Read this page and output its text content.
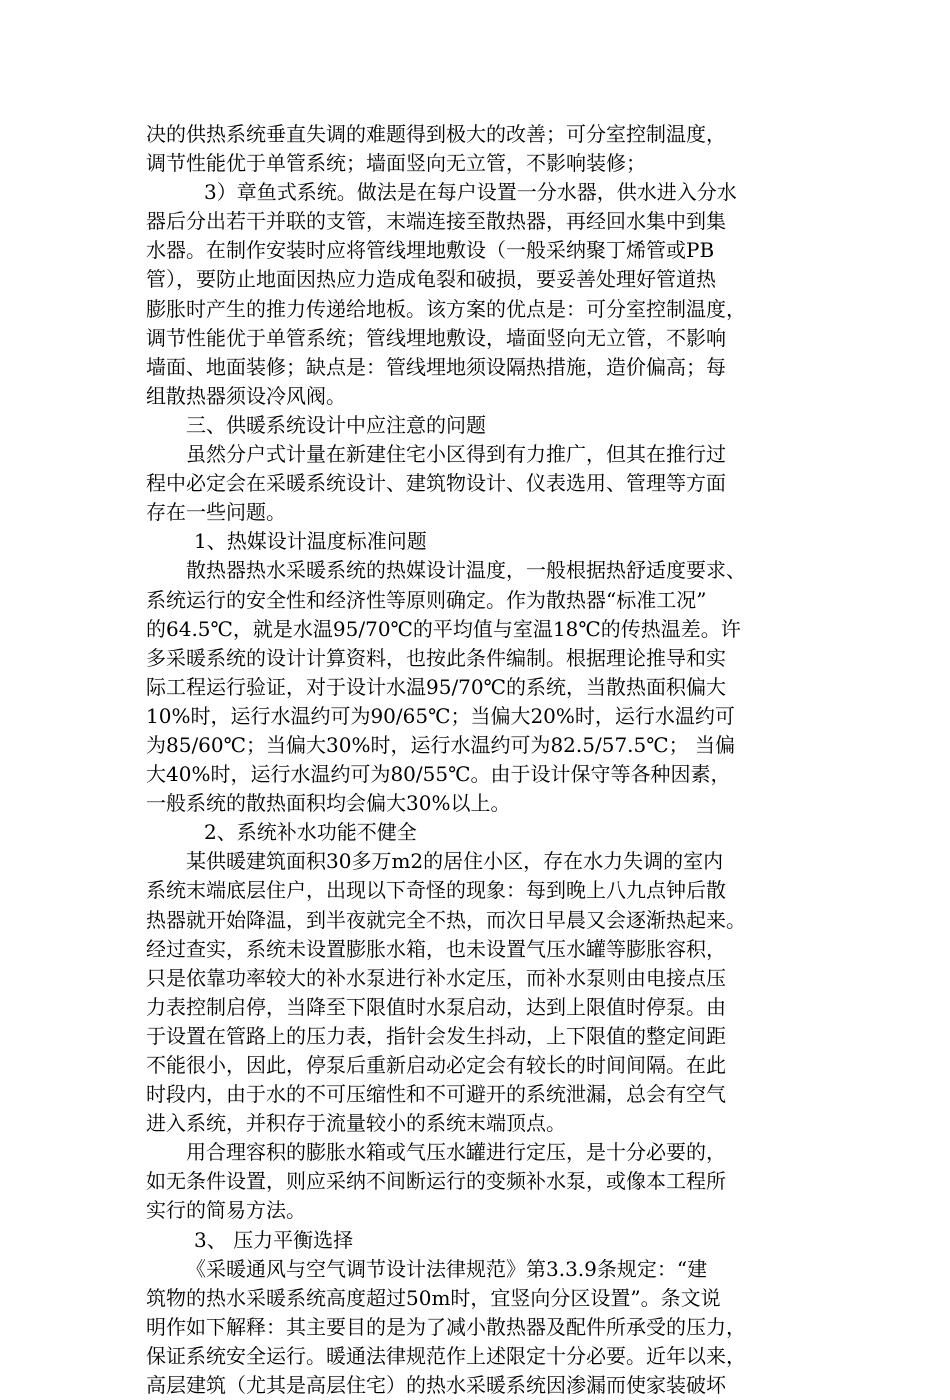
决的供热系统垂直失调的难题得到极大的改善；可分室控制温度，
调节性能优于单管系统；墙面竖向无立管，不影响装修；
3）章鱼式系统。做法是在每户设置一分水器，供水进入分水
器后分出若干并联的支管，末端连接至散热器，再经回水集中到集
水器。在制作安装时应将管线埋地敷设（一般采纳聚丁烯管或PB
管），要防止地面因热应力造成龟裂和破损，要妥善处理好管道热
膨胀时产生的推力传递给地板。该方案的优点是：可分室控制温度，
调节性能优于单管系统；管线埋地敷设，墙面竖向无立管，不影响
墙面、地面装修；缺点是：管线埋地须设隔热措施，造价偏高；每
组散热器须设冷风阀。
三、供暖系统设计中应注意的问题
虽然分户式计量在新建住宅小区得到有力推广，但其在推行过
程中必定会在采暖系统设计、建筑物设计、仪表选用、管理等方面
存在一些问题。
1、热媒设计温度标准问题
散热器热水采暖系统的热媒设计温度，一般根据热舒适度要求、
系统运行的安全性和经济性等原则确定。作为散热器“标准工况”
的64.5℃，就是水温95/70℃的平均值与室温18℃的传热温差。许
多采暖系统的设计计算资料，也按此条件编制。根据理论推导和实
际工程运行验证，对于设计水温95/70℃的系统，当散热面积偏大
10%时，运行水温约可为90/65℃；当偏大20%时，运行水温约可
为85/60℃；当偏大30%时，运行水温约可为82.5/57.5℃； 当偏
大40%时，运行水温约可为80/55℃。由于设计保守等各种因素，
一般系统的散热面积均会偏大30%以上。
2、系统补水功能不健全
某供暖建筑面积30多万m2的居住小区，存在水力失调的室内
系统末端底层住户，出现以下奇怪的现象：每到晚上八九点钟后散
热器就开始降温，到半夜就完全不热，而次日早晨又会逐渐热起来。
经过查实，系统未设置膨胀水箱，也未设置气压水罐等膨胀容积，
只是依靠功率较大的补水泵进行补水定压，而补水泵则由电接点压
力表控制启停，当降至下限值时水泵启动，达到上限值时停泵。由
于设置在管路上的压力表，指针会发生抖动，上下限值的整定间距
不能很小，因此，停泵后重新启动必定会有较长的时间间隔。在此
时段内，由于水的不可压缩性和不可避开的系统泄漏，总会有空气
进入系统，并积存于流量较小的系统末端顶点。
用合理容积的膨胀水箱或气压水罐进行定压，是十分必要的，
如无条件设置，则应采纳不间断运行的变频补水泵，或像本工程所
实行的简易方法。
3、 压力平衡选择
《采暖通风与空气调节设计法律规范》第3.3.9条规定：“建
筑物的热水采暖系统高度超过50m时，宜竖向分区设置”。条文说
明作如下解释：其主要目的是为了减小散热器及配件所承受的压力，
保证系统安全运行。暖通法律规范作上述限定十分必要。近年以来，
高层建筑（尤其是高层住宅）的热水采暖系统因渗漏而使家装破坏
